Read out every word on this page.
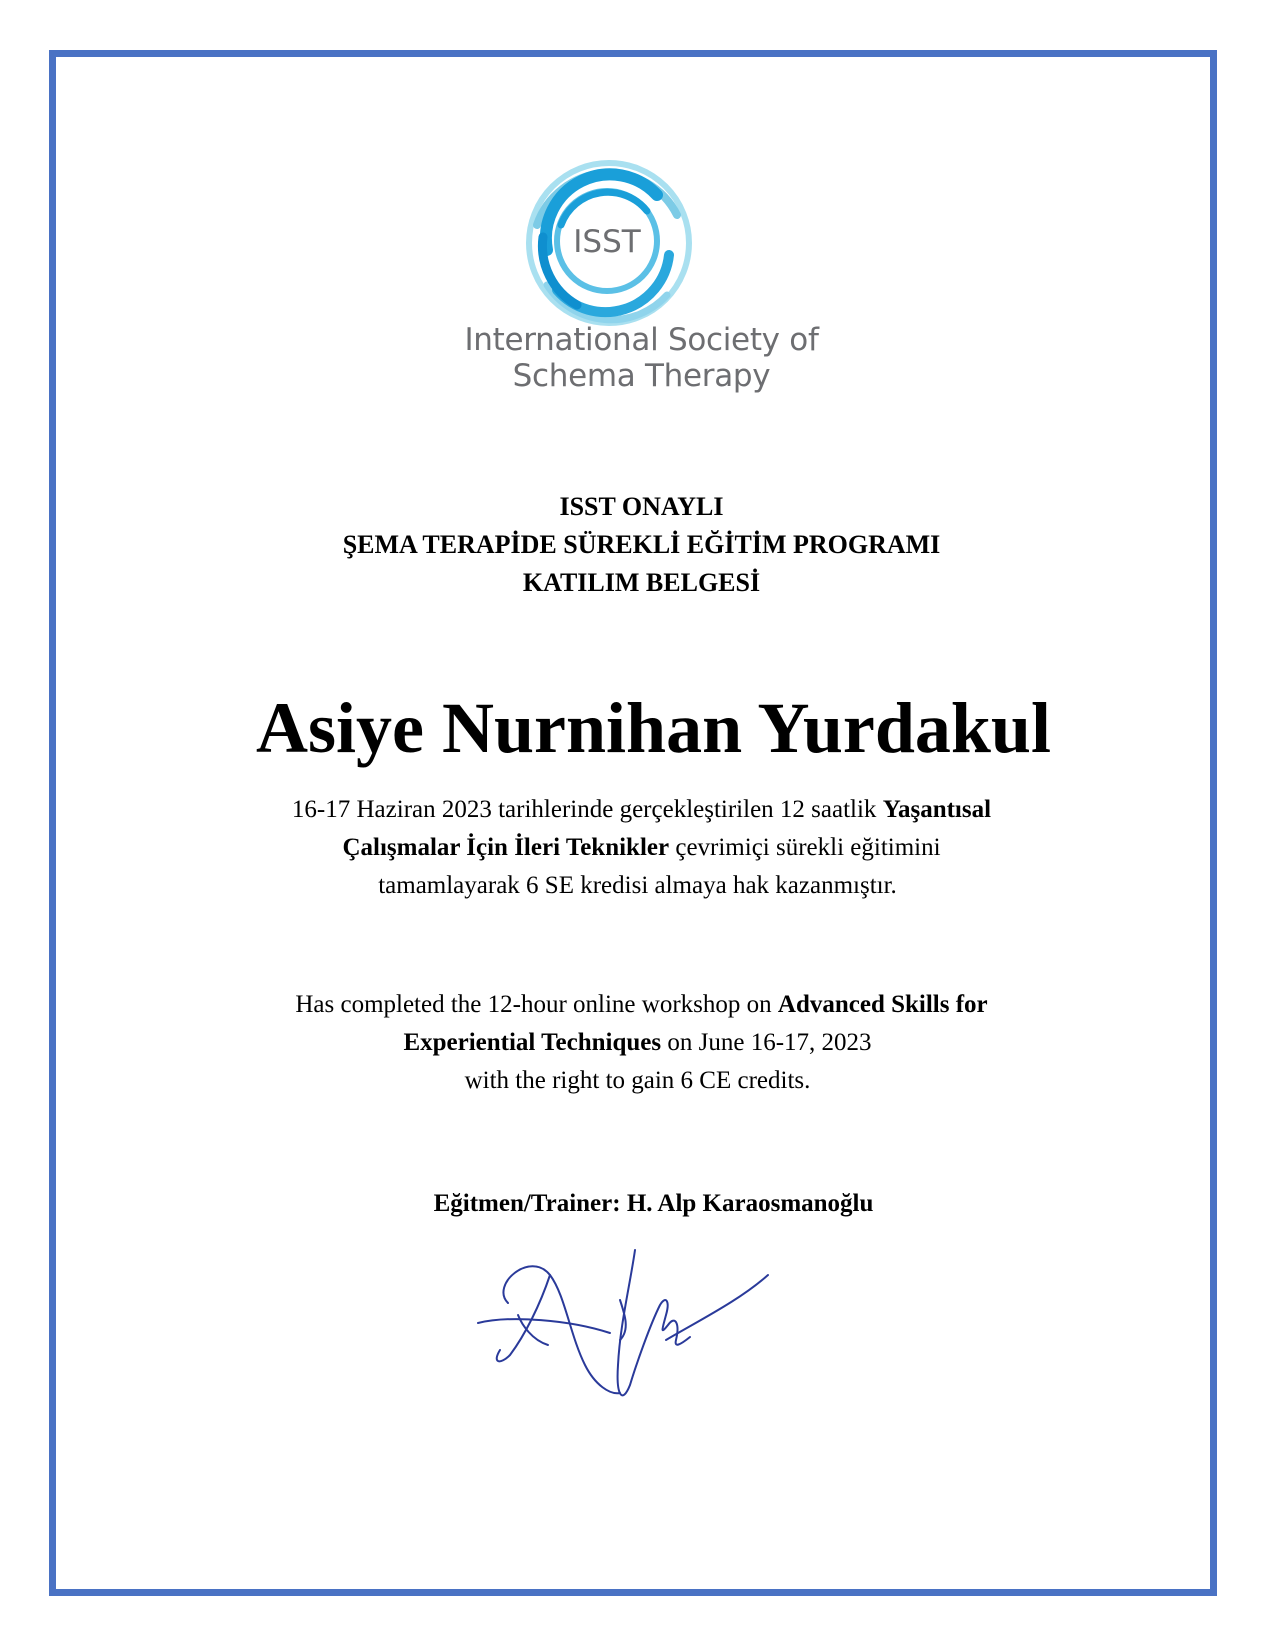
ISST
International Society of
Schema Therapy
ISST ONAYLI
ŞEMA TERAPİDE SÜREKLİ EĞİTİM PROGRAMI
KATILIM BELGESİ
Asiye Nurnihan Yurdakul
16-17 Haziran 2023 tarihlerinde gerçekleştirilen 12 saatlik Yaşantısal
Çalışmalar İçin İleri Teknikler çevrimiçi sürekli eğitimini
tamamlayarak 6 SE kredisi almaya hak kazanmıştır.
Has completed the 12-hour online workshop on Advanced Skills for
Experiential Techniques on June 16-17, 2023
with the right to gain 6 CE credits.
Eğitmen/Trainer: H. Alp Karaosmanoğlu
